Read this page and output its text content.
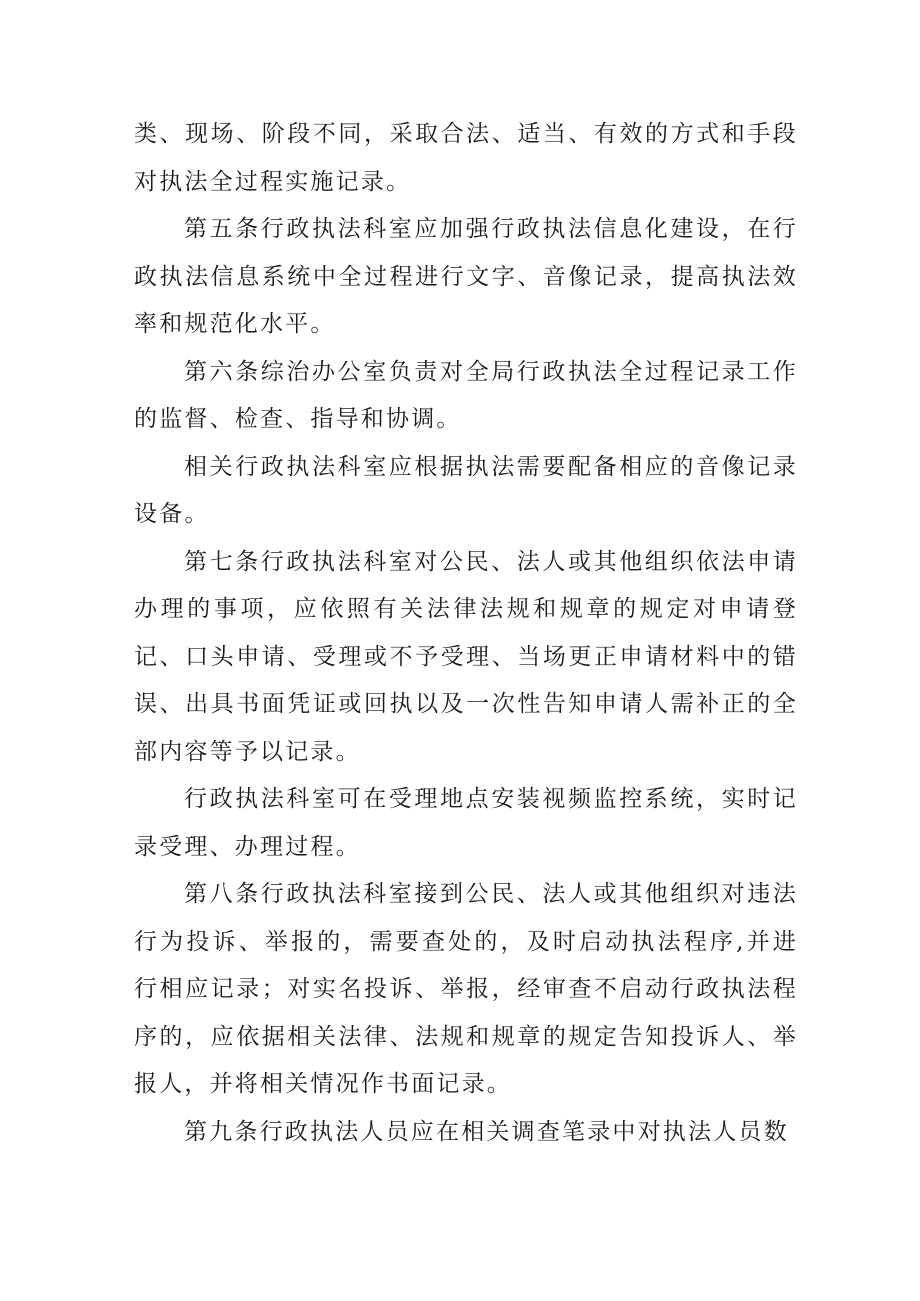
类、现场、阶段不同，采取合法、适当、有效的方式和手段对执法全过程实施记录。

第五条行政执法科室应加强行政执法信息化建设，在行政执法信息系统中全过程进行文字、音像记录，提高执法效率和规范化水平。

第六条综治办公室负责对全局行政执法全过程记录工作的监督、检查、指导和协调。

相关行政执法科室应根据执法需要配备相应的音像记录设备。

第七条行政执法科室对公民、法人或其他组织依法申请办理的事项，应依照有关法律法规和规章的规定对申请登记、口头申请、受理或不予受理、当场更正申请材料中的错误、出具书面凭证或回执以及一次性告知申请人需补正的全部内容等予以记录。

行政执法科室可在受理地点安装视频监控系统，实时记录受理、办理过程。

第八条行政执法科室接到公民、法人或其他组织对违法行为投诉、举报的，需要查处的，及时启动执法程序,并进行相应记录；对实名投诉、举报，经审查不启动行政执法程序的，应依据相关法律、法规和规章的规定告知投诉人、举报人，并将相关情况作书面记录。

第九条行政执法人员应在相关调查笔录中对执法人员数
